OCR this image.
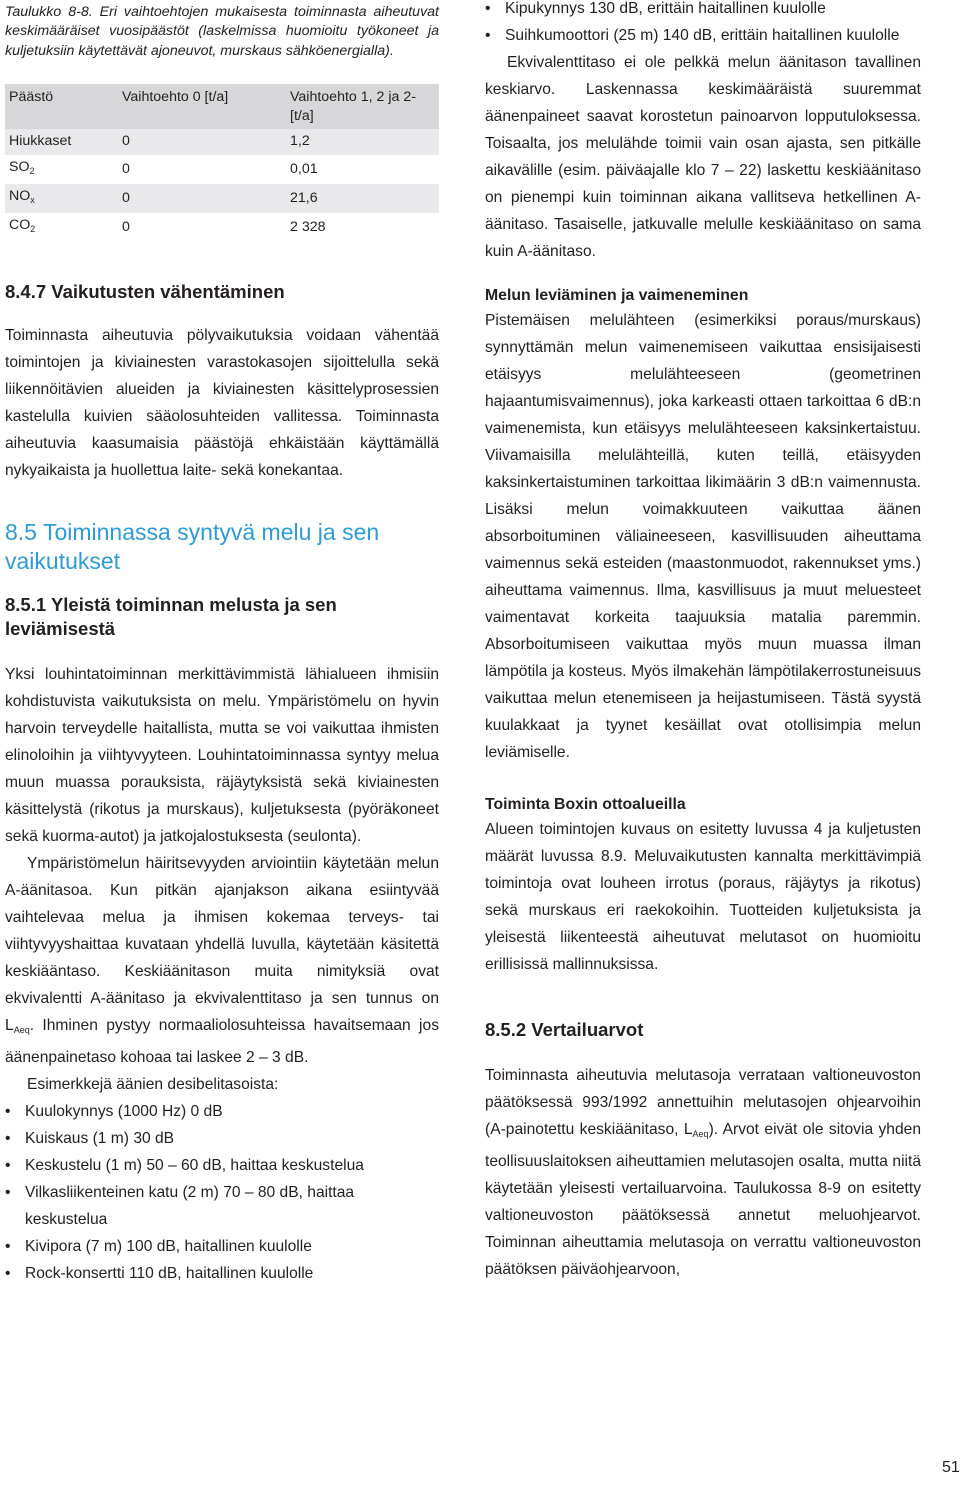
Taulukko 8-8. Eri vaihtoehtojen mukaisesta toiminnasta aiheutuvat keskimääräiset vuosipäästöt (laskelmissa huomioitu työkoneet ja kuljetuksiin käytettävät ajoneuvot, murskaus sähköenergialla).

Päästö	Vaihtoehto 0 [t/a]	Vaihtoehto 1, 2 ja 2- [t/a]
Hiukkaset	0	1,2
$SO_2$	0	0,01
$NO_x$	0	21,6
$CO_2$	0	2 328
8.4.7 Vaikutusten vähentäminen

Toiminnasta aiheutuvia pölyvaikutuksia voidaan vähentää toimintojen ja kiviainesten varastokasojen sijoittelulla sekä liikennöitävien alueiden ja kiviainesten käsittelyprosessien kastelulla kuivien sääolosuhteiden vallitessa. Toiminnasta aiheutuvia kaasumaisia päästöjä ehkäistään käyttämällä nykyaikaista ja huollettua laite- sekä konekantaa.

8.5 Toiminnassa syntyvä melu ja sen vaikutukset
8.5.1 Yleistä toiminnan melusta ja sen leviämisestä

Yksi louhintatoiminnan merkittävimmistä lähialueen ihmisiin kohdistuvista vaikutuksista on melu. Ympäristömelu on hyvin harvoin terveydelle haitallista, mutta se voi vaikuttaa ihmisten elinoloihin ja viihtyvyyteen. Louhintatoiminnassa syntyy melua muun muassa porauksista, räjäytyksistä sekä kiviainesten käsittelystä (rikotus ja murskaus), kuljetuksesta (pyöräkoneet sekä kuorma-autot) ja jatkojalostuksesta (seulonta).

Ympäristömelun häiritsevyyden arviointiin käytetään melun A-äänitasoa. Kun pitkän ajanjakson aikana esiintyvää vaihtelevaa melua ja ihmisen kokemaa terveys- tai viihtyvyyshaittaa kuvataan yhdellä luvulla, käytetään käsitettä keskiääntaso. Keskiäänitason muita nimityksiä ovat ekvivalentti A-äänitaso ja ekvivalenttitaso ja sen tunnus on $L_{Aeq}$. Ihminen pystyy normaaliolosuhteissa havaitsemaan jos äänenpainetaso kohoaa tai laskee 2 – 3 dB.

Esimerkkejä äänien desibelitasoista:

• Kuulokynnys (1000 Hz) 0 dB
• Kuiskaus (1 m) 30 dB
• Keskustelu (1 m) 50 – 60 dB, haittaa keskustelua
• Vilkasliikenteinen katu (2 m) 70 – 80 dB, haittaa keskustelua
• Kivipora (7 m) 100 dB, haitallinen kuulolle
• Rock-konsertti 110 dB, haitallinen kuulolle
• Kipukynnys 130 dB, erittäin haitallinen kuulolle
• Suihkumoottori (25 m) 140 dB, erittäin haitallinen kuulolle

Ekvivalenttitaso ei ole pelkkä melun äänitason tavallinen keskiarvo. Laskennassa keskimääräistä suuremmat äänenpaineet saavat korostetun painoarvon lopputuloksessa. Toisaalta, jos melulähde toimii vain osan ajasta, sen pitkälle aikavälille (esim. päiväajalle klo 7 – 22) laskettu keskiäänitaso on pienempi kuin toiminnan aikana vallitseva hetkellinen A-äänitaso. Tasaiselle, jatkuvalle melulle keskiäänitaso on sama kuin A-äänitaso.

Melun leviäminen ja vaimeneminen

Pistemäisen melulähteen (esimerkiksi poraus/murskaus) synnyttämän melun vaimenemiseen vaikuttaa ensisijaisesti etäisyys melulähteeseen (geometrinen hajaantumisvaimennus), joka karkeasti ottaen tarkoittaa 6 dB:n vaimenemista, kun etäisyys melulähteeseen kaksinkertaistuu. Viivamaisilla melulähteillä, kuten teillä, etäisyyden kaksinkertaistuminen tarkoittaa likimäärin 3 dB:n vaimennusta. Lisäksi melun voimakkuuteen vaikuttaa äänen absorboituminen väliaineeseen, kasvillisuuden aiheuttama vaimennus sekä esteiden (maastonmuodot, rakennukset yms.) aiheuttama vaimennus. Ilma, kasvillisuus ja muut meluesteet vaimentavat korkeita taajuuksia matalia paremmin. Absorboitumiseen vaikuttaa myös muun muassa ilman lämpötila ja kosteus. Myös ilmakehän lämpötilakerrostuneisuus vaikuttaa melun etenemiseen ja heijastumiseen. Tästä syystä kuulakkaat ja tyynet kesäillat ovat otollisimpia melun leviämiselle.

Toiminta Boxin ottoalueilla

Alueen toimintojen kuvaus on esitetty luvussa 4 ja kuljetusten määrät luvussa 8.9. Meluvaikutusten kannalta merkittävimpiä toimintoja ovat louheen irrotus (poraus, räjäytys ja rikotus) sekä murskaus eri raekokoihin. Tuotteiden kuljetuksista ja yleisestä liikenteestä aiheutuvat melutasot on huomioitu erillisissä mallinnuksissa.

8.5.2 Vertailuarvot

Toiminnasta aiheutuvia melutasoja verrataan valtioneuvoston päätöksessä 993/1992 annettuihin melutasojen ohjearvoihin (A-painotettu keskiäänitaso, $L_{Aeq}$). Arvot eivät ole sitovia yhden teollisuuslaitoksen aiheuttamien melutasojen osalta, mutta niitä käytetään yleisesti vertailuarvoina. Taulukossa 8-9 on esitetty valtioneuvoston päätöksessä annetut meluohjearvot. Toiminnan aiheuttamia melutasoja on verrattu valtioneuvoston päätöksen päiväohjearvoon,

51
